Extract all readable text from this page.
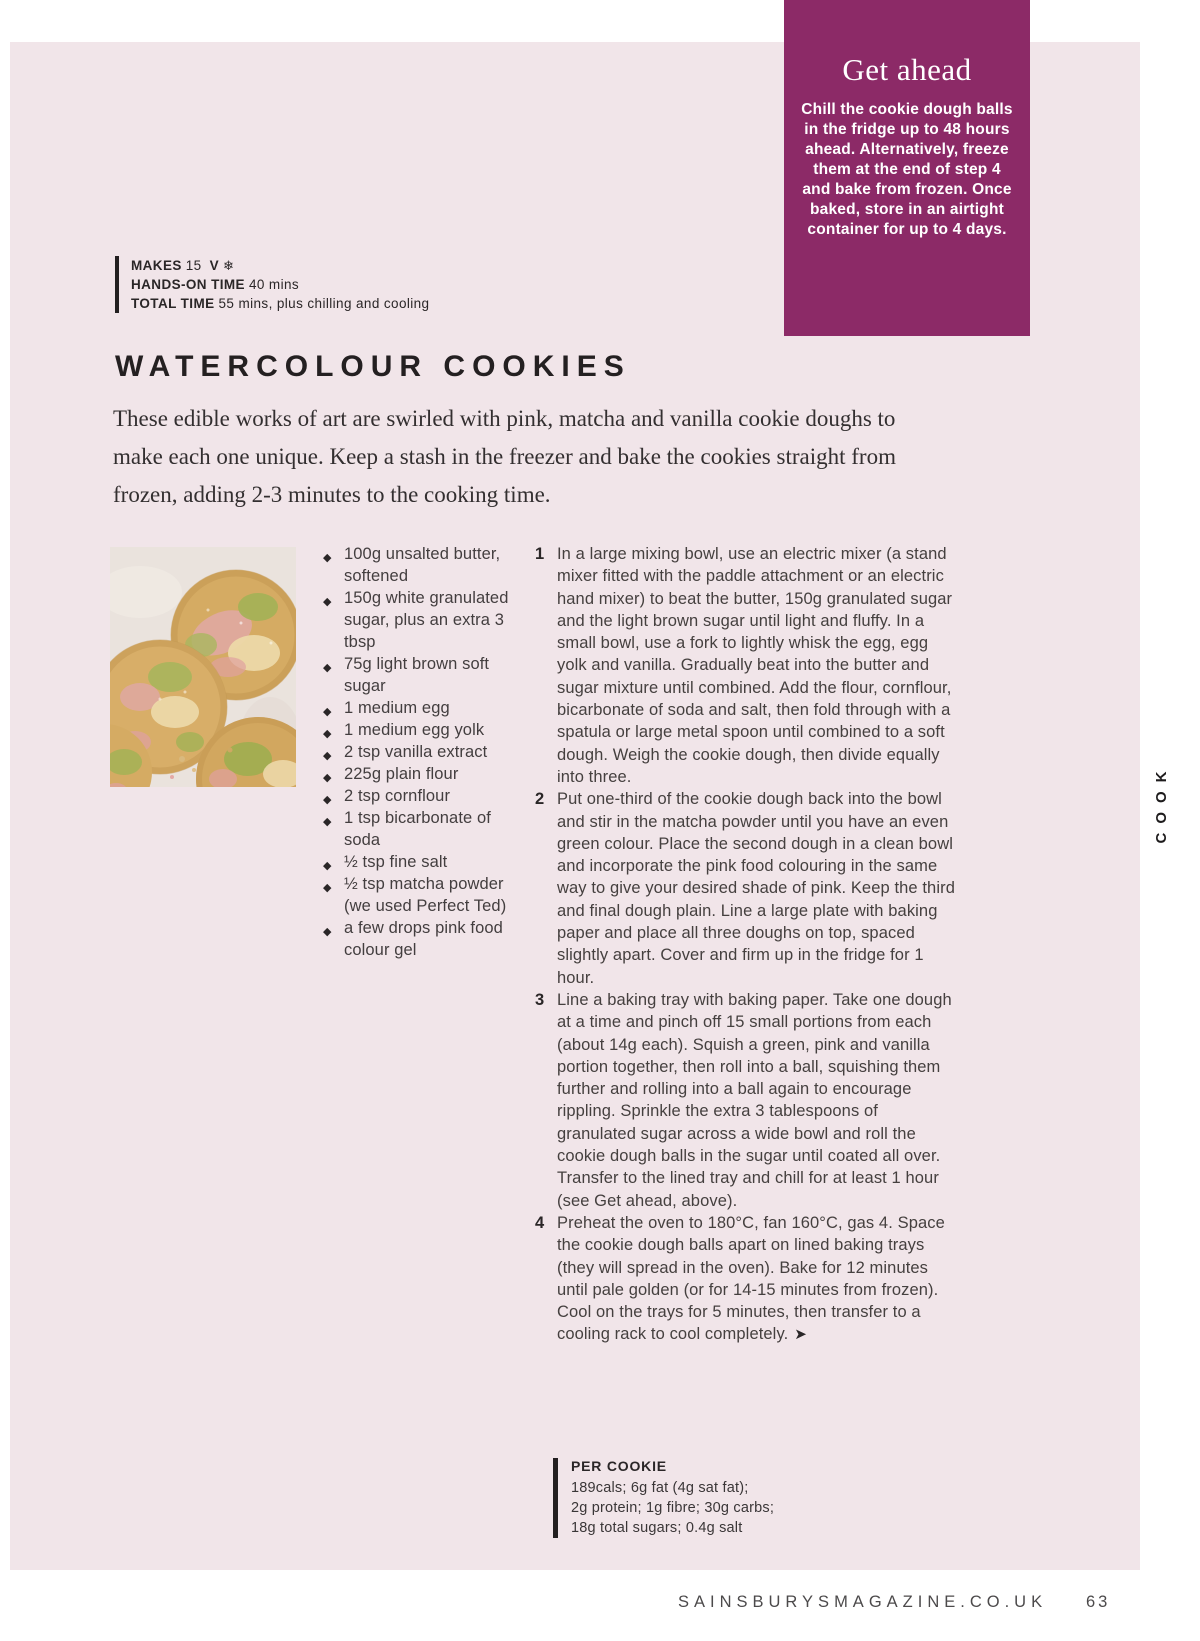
Get ahead
Chill the cookie dough balls in the fridge up to 48 hours ahead. Alternatively, freeze them at the end of step 4 and bake from frozen. Once baked, store in an airtight container for up to 4 days.
MAKES 15 V ❄
HANDS-ON TIME 40 mins
TOTAL TIME 55 mins, plus chilling and cooling
WATERCOLOUR COOKIES

These edible works of art are swirled with pink, matcha and vanilla cookie doughs to make each one unique. Keep a stash in the freezer and bake the cookies straight from frozen, adding 2-3 minutes to the cooking time.

◆ 100g unsalted butter, softened
◆ 150g white granulated sugar, plus an extra 3 tbsp
◆ 75g light brown soft sugar
◆ 1 medium egg
◆ 1 medium egg yolk
◆ 2 tsp vanilla extract
◆ 225g plain flour
◆ 2 tsp cornflour
◆ 1 tsp bicarbonate of soda
◆ ½ tsp fine salt
◆ ½ tsp matcha powder (we used Perfect Ted)
◆ a few drops pink food colour gel
1 In a large mixing bowl, use an electric mixer (a stand mixer fitted with the paddle attachment or an electric hand mixer) to beat the butter, 150g granulated sugar and the light brown sugar until light and fluffy. In a small bowl, use a fork to lightly whisk the egg, egg yolk and vanilla. Gradually beat into the butter and sugar mixture until combined. Add the flour, cornflour, bicarbonate of soda and salt, then fold through with a spatula or large metal spoon until combined to a soft dough. Weigh the cookie dough, then divide equally into three.
2 Put one-third of the cookie dough back into the bowl and stir in the matcha powder until you have an even green colour. Place the second dough in a clean bowl and incorporate the pink food colouring in the same way to give your desired shade of pink. Keep the third and final dough plain. Line a large plate with baking paper and place all three doughs on top, spaced slightly apart. Cover and firm up in the fridge for 1 hour.
3 Line a baking tray with baking paper. Take one dough at a time and pinch off 15 small portions from each (about 14g each). Squish a green, pink and vanilla portion together, then roll into a ball, squishing them further and rolling into a ball again to encourage rippling. Sprinkle the extra 3 tablespoons of granulated sugar across a wide bowl and roll the cookie dough balls in the sugar until coated all over. Transfer to the lined tray and chill for at least 1 hour (see Get ahead, above).
4 Preheat the oven to 180°C, fan 160°C, gas 4. Space the cookie dough balls apart on lined baking trays (they will spread in the oven). Bake for 12 minutes until pale golden (or for 14-15 minutes from frozen). Cool on the trays for 5 minutes, then transfer to a cooling rack to cool completely. ➤
PER COOKIE
189cals; 6g fat (4g sat fat);
2g protein; 1g fibre; 30g carbs;
18g total sugars; 0.4g salt
COOK
SAINSBURYSMAGAZINE.CO.UK 63
